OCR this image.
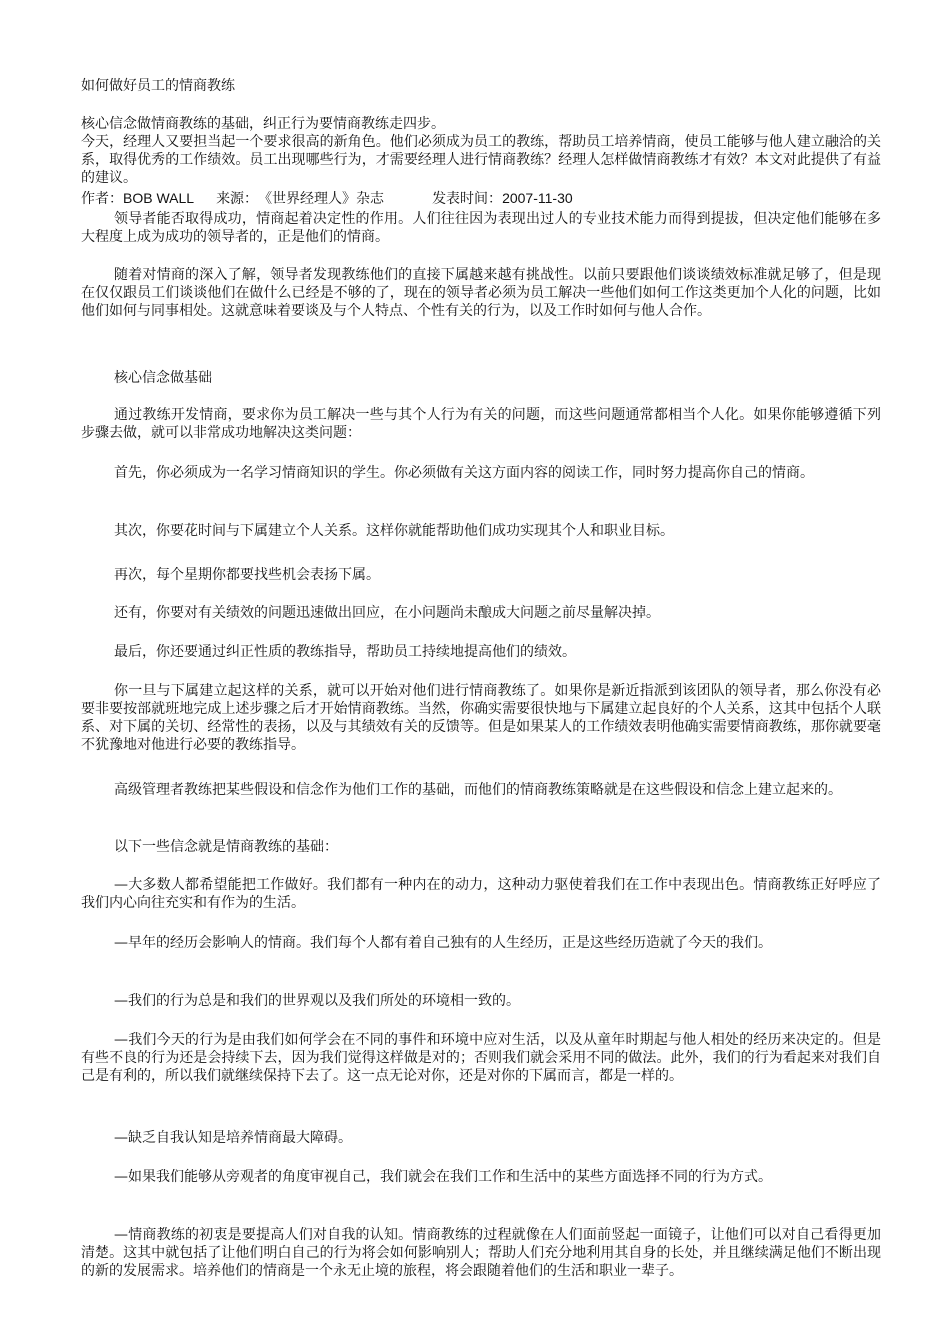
如何做好员工的情商教练
核心信念做情商教练的基础，纠正行为要情商教练走四步。
今天，经理人又要担当起一个要求很高的新角色。他们必须成为员工的教练，帮助员工培养情商，使员工能够与他人建立融洽的关系，取得优秀的工作绩效。员工出现哪些行为，才需要经理人进行情商教练？经理人怎样做情商教练才有效？本文对此提供了有益的建议。
作者：BOB WALL 来源：《世界经理人》杂志	发表时间：2007-11-30
领导者能否取得成功，情商起着决定性的作用。人们往往因为表现出过人的专业技术能力而得到提拔，但决定他们能够在多大程度上成为成功的领导者的，正是他们的情商。
随着对情商的深入了解，领导者发现教练他们的直接下属越来越有挑战性。以前只要跟他们谈谈绩效标准就足够了，但是现在仅仅跟员工们谈谈他们在做什么已经是不够的了，现在的领导者必须为员工解决一些他们如何工作这类更加个人化的问题，比如他们如何与同事相处。这就意味着要谈及与个人特点、个性有关的行为，以及工作时如何与他人合作。
核心信念做基础
通过教练开发情商，要求你为员工解决一些与其个人行为有关的问题，而这些问题通常都相当个人化。如果你能够遵循下列步骤去做，就可以非常成功地解决这类问题：
首先，你必须成为一名学习情商知识的学生。你必须做有关这方面内容的阅读工作，同时努力提高你自己的情商。
其次，你要花时间与下属建立个人关系。这样你就能帮助他们成功实现其个人和职业目标。
再次，每个星期你都要找些机会表扬下属。
还有，你要对有关绩效的问题迅速做出回应，在小问题尚未酿成大问题之前尽量解决掉。
最后，你还要通过纠正性质的教练指导，帮助员工持续地提高他们的绩效。
你一旦与下属建立起这样的关系，就可以开始对他们进行情商教练了。如果你是新近指派到该团队的领导者，那么你没有必要非要按部就班地完成上述步骤之后才开始情商教练。当然，你确实需要很快地与下属建立起良好的个人关系，这其中包括个人联系、对下属的关切、经常性的表扬，以及与其绩效有关的反馈等。但是如果某人的工作绩效表明他确实需要情商教练，那你就要毫不犹豫地对他进行必要的教练指导。
高级管理者教练把某些假设和信念作为他们工作的基础，而他们的情商教练策略就是在这些假设和信念上建立起来的。
以下一些信念就是情商教练的基础：
—大多数人都希望能把工作做好。我们都有一种内在的动力，这种动力驱使着我们在工作中表现出色。情商教练正好呼应了我们内心向往充实和有作为的生活。
—早年的经历会影响人的情商。我们每个人都有着自己独有的人生经历，正是这些经历造就了今天的我们。
—我们的行为总是和我们的世界观以及我们所处的环境相一致的。
—我们今天的行为是由我们如何学会在不同的事件和环境中应对生活，以及从童年时期起与他人相处的经历来决定的。但是有些不良的行为还是会持续下去，因为我们觉得这样做是对的；否则我们就会采用不同的做法。此外，我们的行为看起来对我们自己是有利的，所以我们就继续保持下去了。这一点无论对你，还是对你的下属而言，都是一样的。
—缺乏自我认知是培养情商最大障碍。
—如果我们能够从旁观者的角度审视自己，我们就会在我们工作和生活中的某些方面选择不同的行为方式。
—情商教练的初衷是要提高人们对自我的认知。情商教练的过程就像在人们面前竖起一面镜子，让他们可以对自己看得更加清楚。这其中就包括了让他们明白自己的行为将会如何影响别人；帮助人们充分地利用其自身的长处，并且继续满足他们不断出现的新的发展需求。培养他们的情商是一个永无止境的旅程，将会跟随着他们的生活和职业一辈子。
